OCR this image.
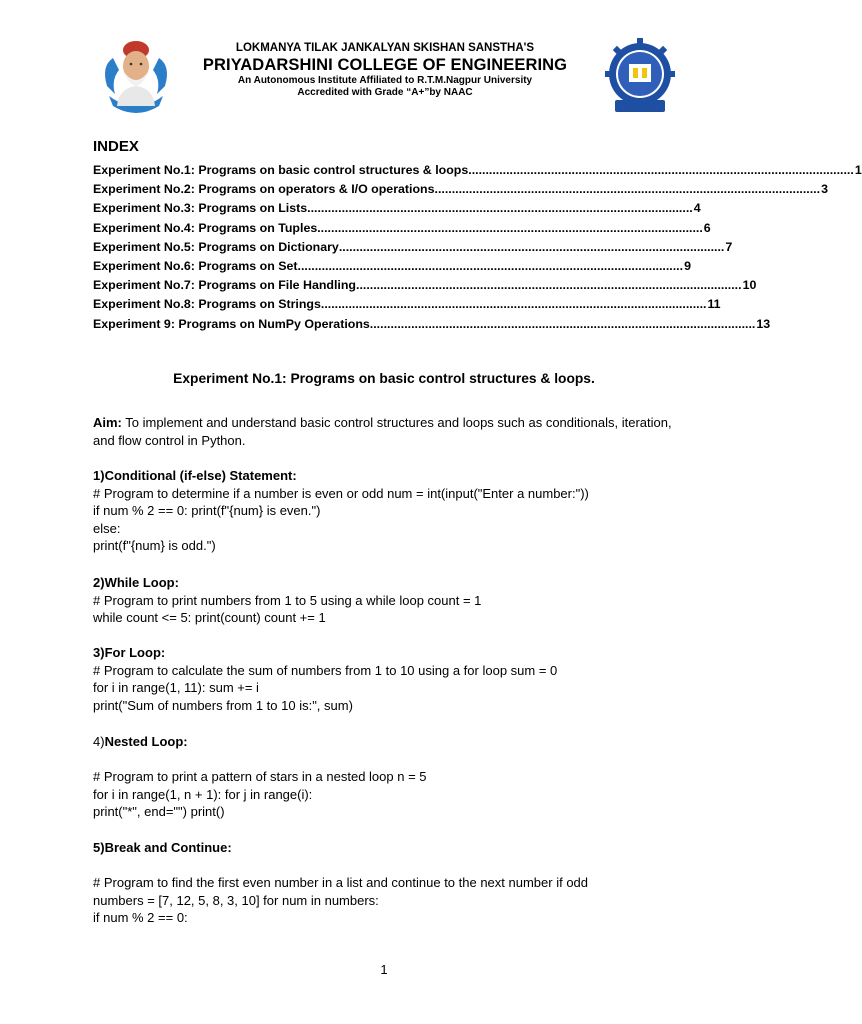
LOKMANYA TILAK JANKALYAN SKISHAN SANSTHA'S
PRIYADARSHINI COLLEGE OF ENGINEERING
An Autonomous Institute Affiliated to R.T.M.Nagpur University
Accredited with Grade “A+”by NAAC
INDEX
Experiment No.1: Programs on basic control structures & loops ................................................................................................................ 1
Experiment No.2: Programs on operators & I/O operations ................................................................................................................ 3
Experiment No.3: Programs on Lists ................................................................................................................ 4
Experiment No.4: Programs on Tuples ................................................................................................................ 6
Experiment No.5: Programs on Dictionary ................................................................................................................ 7
Experiment No.6: Programs on Set ................................................................................................................ 9
Experiment No.7: Programs on File Handling ................................................................................................................ 10
Experiment No.8: Programs on Strings ................................................................................................................ 11
Experiment 9: Programs on NumPy Operations ................................................................................................................ 13
Experiment No.1: Programs on basic control structures & loops.
Aim: To implement and understand basic control structures and loops such as conditionals, iteration, and flow control in Python.
1)Conditional (if-else) Statement:
# Program to determine if a number is even or odd num = int(input("Enter a number:"))
if num % 2 == 0: print(f"{num} is even.")
else:
print(f"{num} is odd.")
2)While Loop:
# Program to print numbers from 1 to 5 using a while loop count = 1
while count <= 5: print(count) count += 1
3)For Loop:
# Program to calculate the sum of numbers from 1 to 10 using a for loop sum = 0
for i in range(1, 11): sum += i
print("Sum of numbers from 1 to 10 is:", sum)
4)Nested Loop:
# Program to print a pattern of stars in a nested loop n = 5
for i in range(1, n + 1): for j in range(i):
print("*", end="") print()
5)Break and Continue:
# Program to find the first even number in a list and continue to the next number if odd
numbers = [7, 12, 5, 8, 3, 10] for num in numbers:
if num % 2 == 0:
1
